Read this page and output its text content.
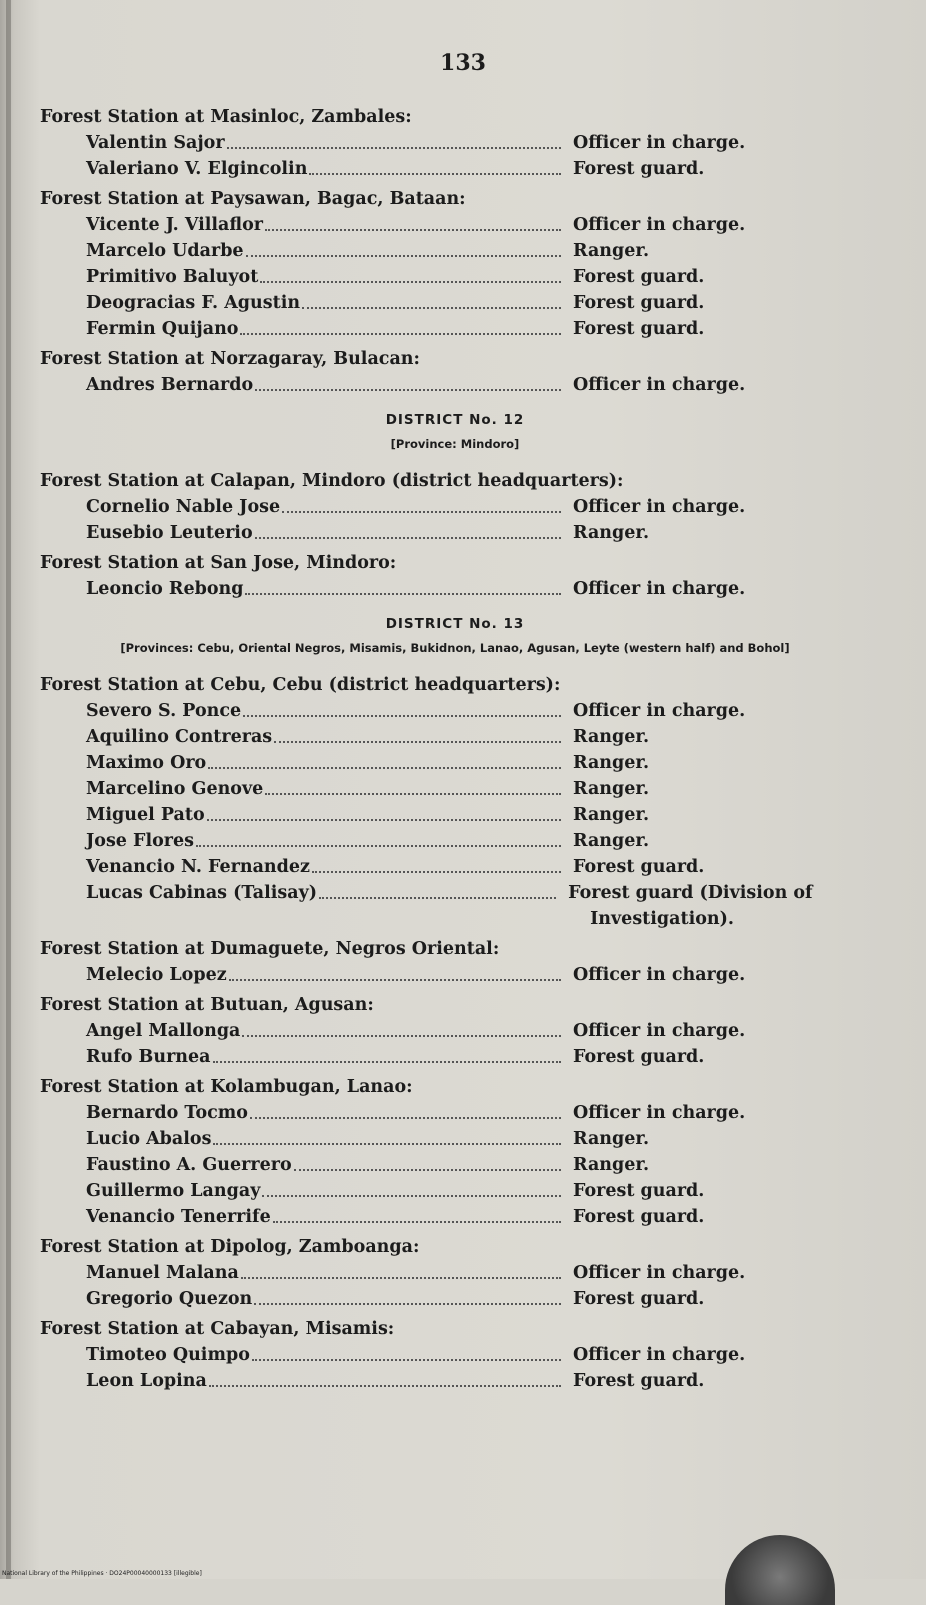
133
Forest Station at Masinloc, Zambales:
Valentin Sajor	Officer in charge.
Valeriano V. Elgincolin	Forest guard.
Forest Station at Paysawan, Bagac, Bataan:
Vicente J. Villaflor	Officer in charge.
Marcelo Udarbe	Ranger.
Primitivo Baluyot	Forest guard.
Deogracias F. Agustin	Forest guard.
Fermin Quijano	Forest guard.
Forest Station at Norzagaray, Bulacan:
Andres Bernardo	Officer in charge.
DISTRICT No. 12
[Province: Mindoro]
Forest Station at Calapan, Mindoro (district headquarters):
Cornelio Nable Jose	Officer in charge.
Eusebio Leuterio	Ranger.
Forest Station at San Jose, Mindoro:
Leoncio Rebong	Officer in charge.
DISTRICT No. 13
[Provinces: Cebu, Oriental Negros, Misamis, Bukidnon, Lanao, Agusan, Leyte (western half) and Bohol]
Forest Station at Cebu, Cebu (district headquarters):
Severo S. Ponce	Officer in charge.
Aquilino Contreras	Ranger.
Maximo Oro	Ranger.
Marcelino Genove	Ranger.
Miguel Pato	Ranger.
Jose Flores	Ranger.
Venancio N. Fernandez	Forest guard.
Lucas Cabinas (Talisay)	Forest guard (Division of
Investigation).
Forest Station at Dumaguete, Negros Oriental:
Melecio Lopez	Officer in charge.
Forest Station at Butuan, Agusan:
Angel Mallonga	Officer in charge.
Rufo Burnea	Forest guard.
Forest Station at Kolambugan, Lanao:
Bernardo Tocmo	Officer in charge.
Lucio Abalos	Ranger.
Faustino A. Guerrero	Ranger.
Guillermo Langay	Forest guard.
Venancio Tenerrife	Forest guard.
Forest Station at Dipolog, Zamboanga:
Manuel Malana	Officer in charge.
Gregorio Quezon	Forest guard.
Forest Station at Cabayan, Misamis:
Timoteo Quimpo	Officer in charge.
Leon Lopina	Forest guard.
National Library of the Philippines · DO24P00040000133 [illegible]
